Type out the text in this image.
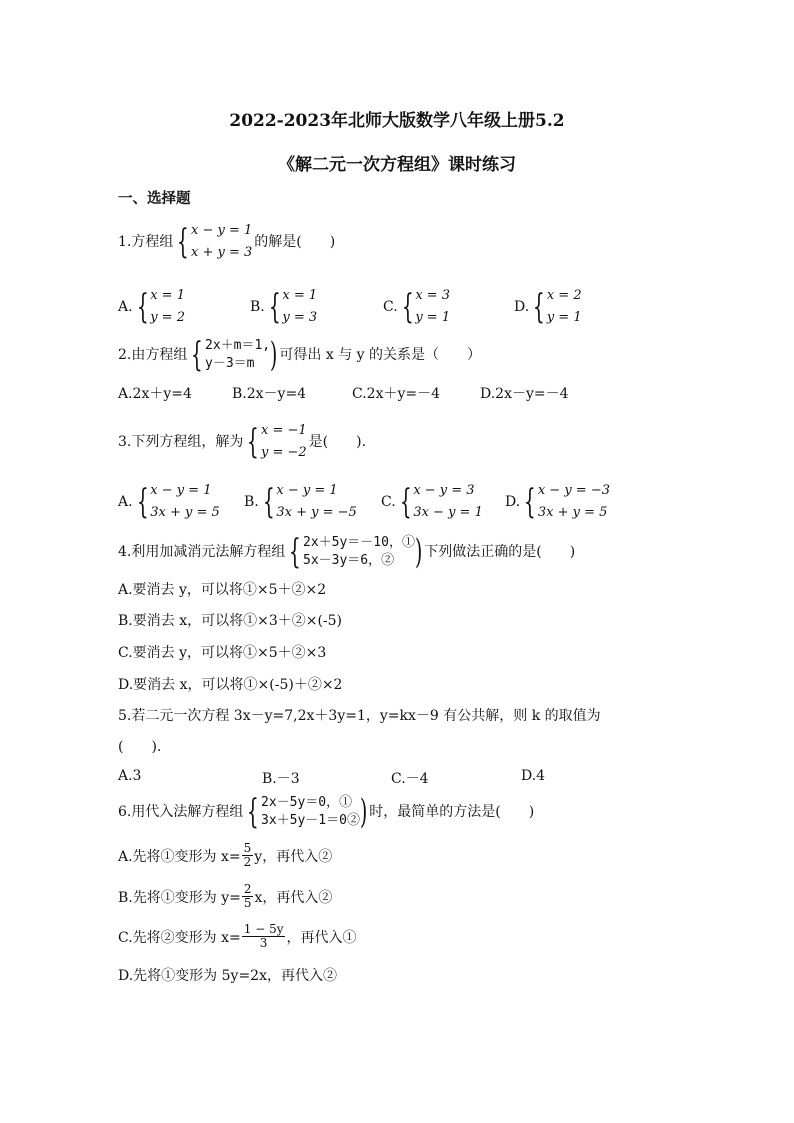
2022-2023年北师大版数学八年级上册5.2
《解二元一次方程组》课时练习
一、选择题
1.方程组 { x − y = 1
x + y = 3
的解是(　　)
A. { x = 1
y = 2
B. { x = 1
y = 3
C. { x = 3
y = 1
D. { x = 2
y = 1
2.由方程组 { 2x＋m＝1,
y－3＝m ) 可得出 x 与 y 的关系是（　　）
A.2x＋y=4	B.2x－y=4	C.2x＋y=－4	D.2x－y=－4
3.下列方程组，解为 { x = −1
y = −2
是(　　).
A. { x − y = 1
3x + y = 5
B. { x − y = 1
3x + y = −5
C. { x − y = 3
3x − y = 1
D. { x − y = −3
3x + y = 5
4.利用加减消元法解方程组 { 2x＋5y＝－10，①
5x－3y＝6，② ) 下列做法正确的是(　　)
A.要消去 y，可以将①×5＋②×2
B.要消去 x，可以将①×3＋②×(-5)
C.要消去 y，可以将①×5＋②×3
D.要消去 x，可以将①×(-5)＋②×2
5.若二元一次方程 3x－y=7,2x＋3y=1，y=kx－9 有公共解，则 k 的取值为
(　　).
A.3	B.－3	C.－4	D.4
6.用代入法解方程组 { 2x－5y＝0，①
3x＋5y－1＝0② ) 时，最简单的方法是(　　)
A.先将①变形为 $x= \frac{5}{2}$ y，再代入②
B.先将①变形为 $y= \frac{2}{5}$ x，再代入②
C.先将②变形为 $x= \frac{1 - 5y}{3}$ ，再代入①
D.先将①变形为 5y=2x，再代入②
